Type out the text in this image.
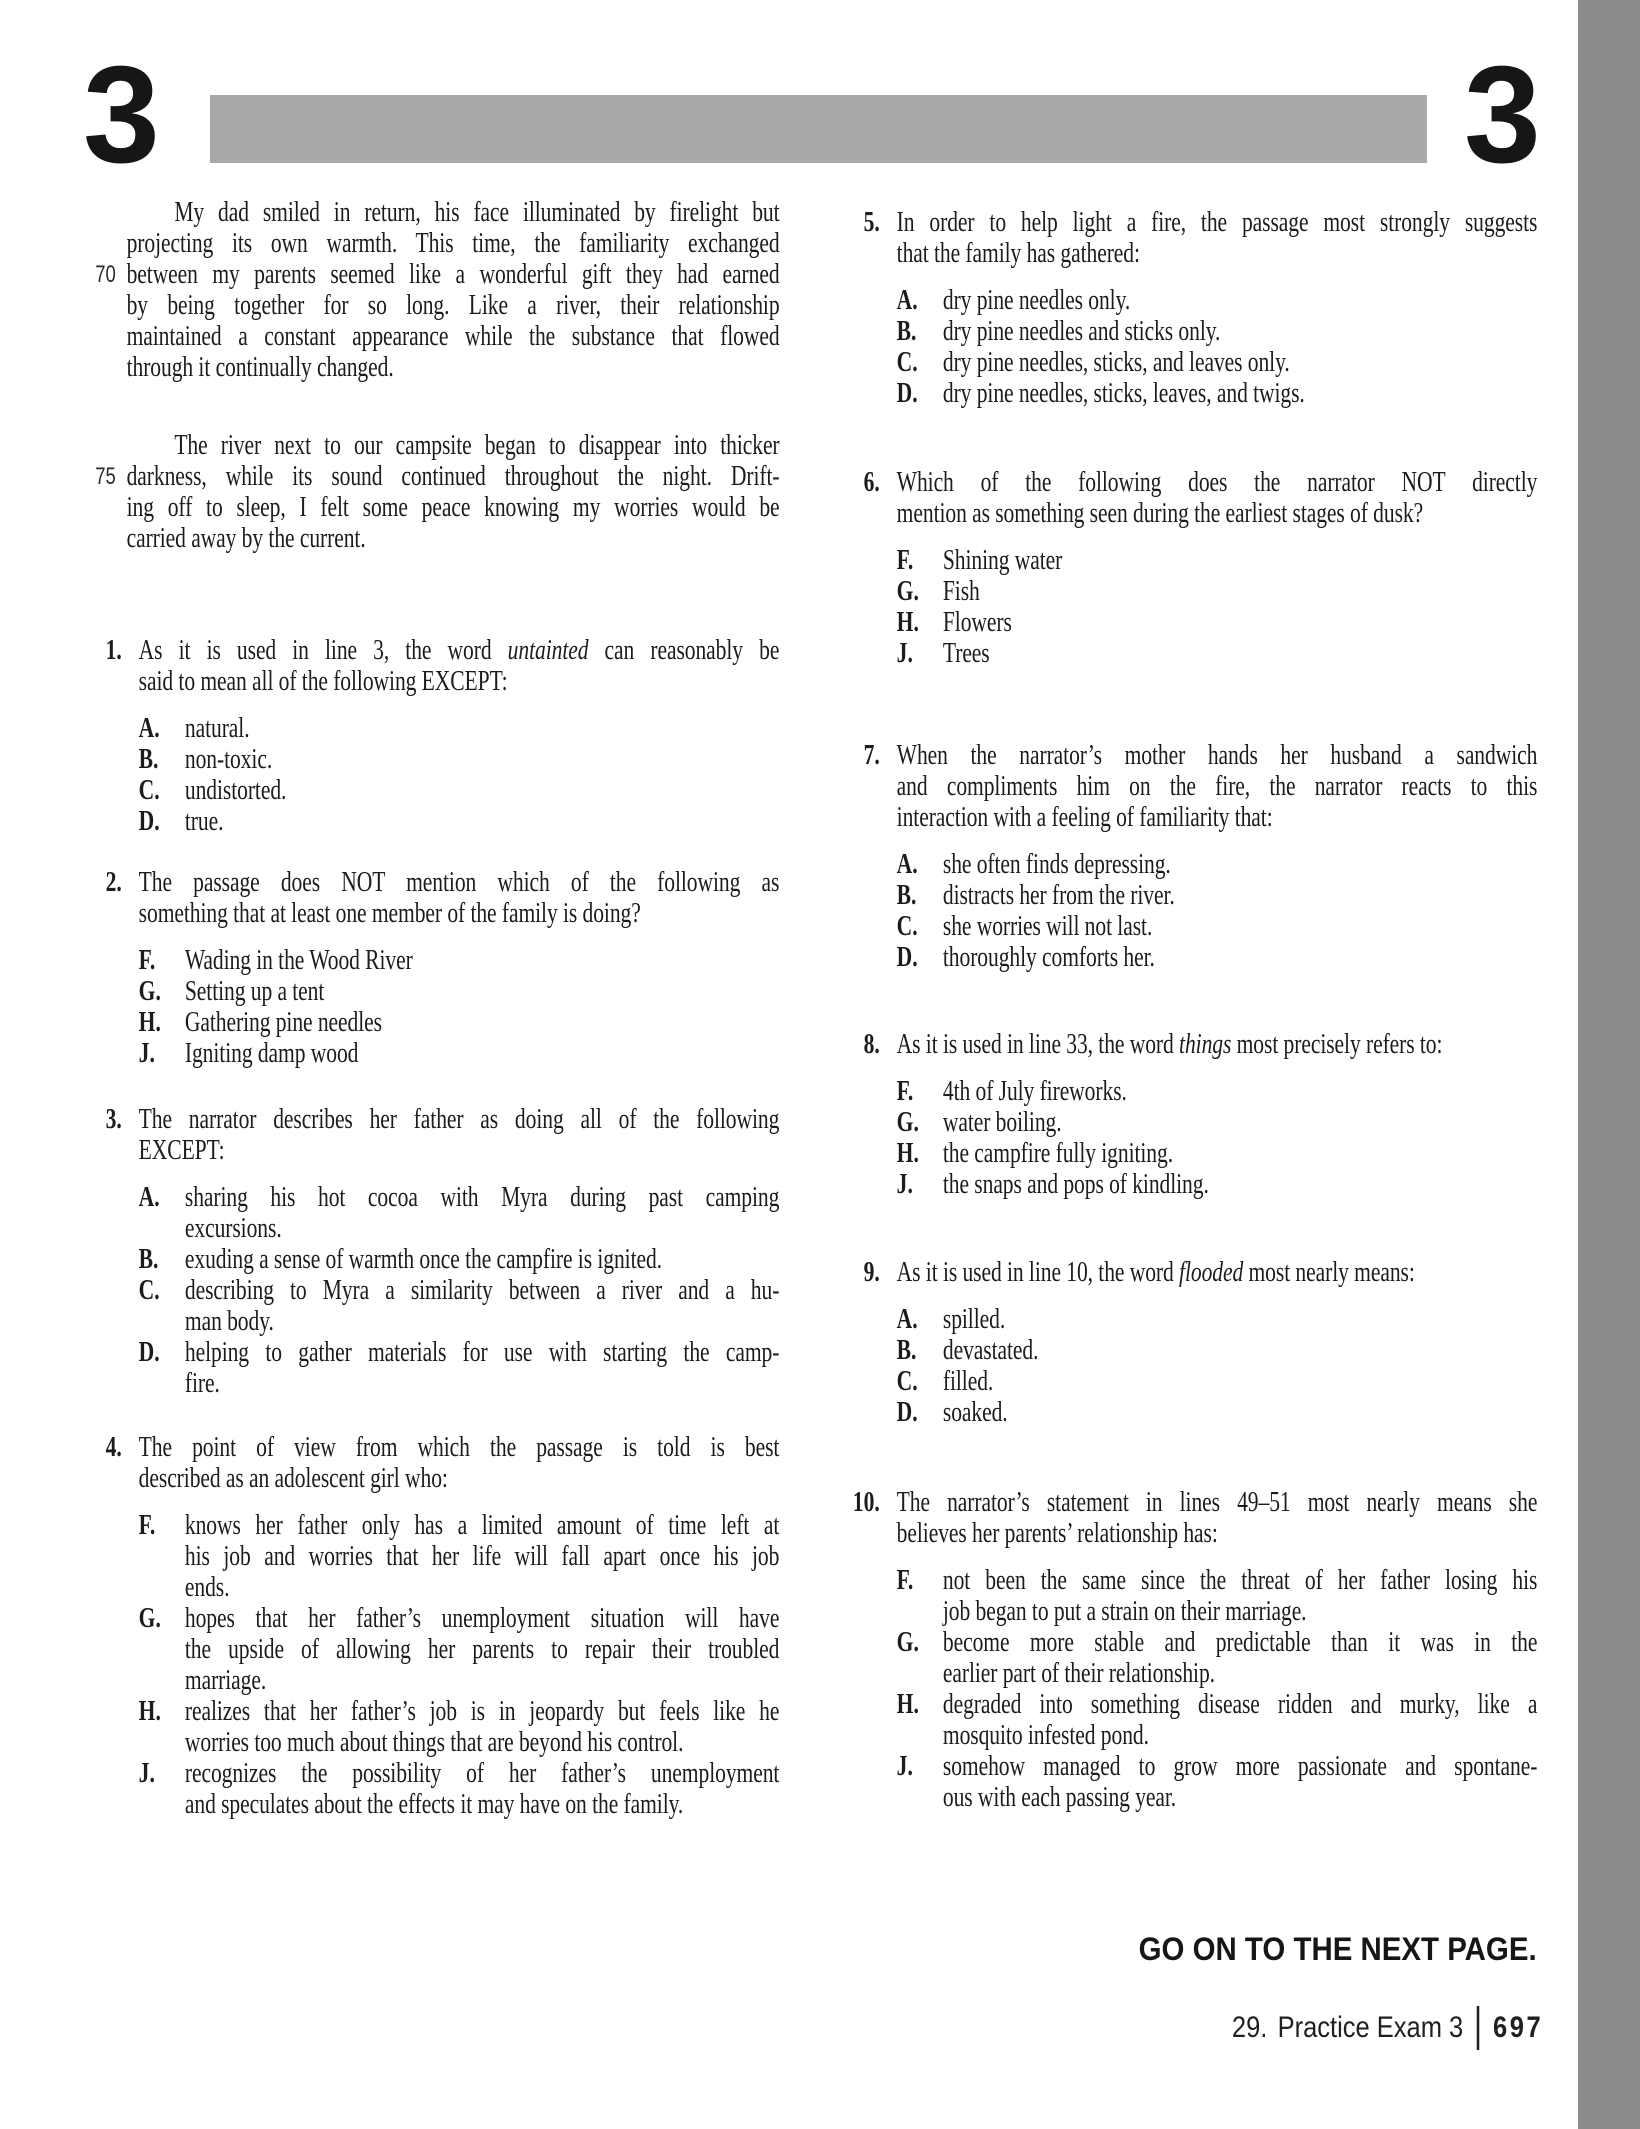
3	3
My dad smiled in return, his face illuminated by firelight but
projecting its own warmth. This time, the familiarity exchanged
70 between my parents seemed like a wonderful gift they had earned
by being together for so long. Like a river, their relationship
maintained a constant appearance while the substance that flowed
through it continually changed.
The river next to our campsite began to disappear into thicker
75 darkness, while its sound continued throughout the night. Drift-
ing off to sleep, I felt some peace knowing my worries would be
carried away by the current.
1. As it is used in line 3, the word untainted can reasonably be
said to mean all of the following EXCEPT:
A. natural.
B. non-toxic.
C. undistorted.
D. true.
2. The passage does NOT mention which of the following as
something that at least one member of the family is doing?
F.	Wading in the Wood River
G. Setting up a tent
H. Gathering pine needles
J.	Igniting damp wood
3. The narrator describes her father as doing all of the following
EXCEPT:
A. sharing his hot cocoa with Myra during past camping
excursions.
B. exuding a sense of warmth once the campfire is ignited.
C. describing to Myra a similarity between a river and a hu-
man body.
D. helping to gather materials for use with starting the camp-
fire.
4. The point of view from which the passage is told is best
described as an adolescent girl who:
F.	knows her father only has a limited amount of time left at
his job and worries that her life will fall apart once his job
ends.
G. hopes that her father’s unemployment situation will have
the upside of allowing her parents to repair their troubled
marriage.
H. realizes that her father’s job is in jeopardy but feels like he
worries too much about things that are beyond his control.
J.	recognizes the possibility of her father’s unemployment
and speculates about the effects it may have on the family.
5. In order to help light a fire, the passage most strongly suggests
that the family has gathered:
A. dry pine needles only.
B. dry pine needles and sticks only.
C. dry pine needles, sticks, and leaves only.
D. dry pine needles, sticks, leaves, and twigs.
6. Which of the following does the narrator NOT directly
mention as something seen during the earliest stages of dusk?
F.	Shining water
G. Fish
H. Flowers
J.	Trees
7. When the narrator’s mother hands her husband a sandwich
and compliments him on the fire, the narrator reacts to this
interaction with a feeling of familiarity that:
A. she often finds depressing.
B. distracts her from the river.
C. she worries will not last.
D. thoroughly comforts her.
8. As it is used in line 33, the word things most precisely refers to:
F.	4th of July fireworks.
G. water boiling.
H. the campfire fully igniting.
J.	the snaps and pops of kindling.
9. As it is used in line 10, the word flooded most nearly means:
A. spilled.
B. devastated.
C. filled.
D. soaked.
10. The narrator’s statement in lines 49–51 most nearly means she
believes her parents’ relationship has:
F.	not been the same since the threat of her father losing his
job began to put a strain on their marriage.
G. become more stable and predictable than it was in the
earlier part of their relationship.
H. degraded into something disease ridden and murky, like a
mosquito infested pond.
J.	somehow managed to grow more passionate and spontane-
ous with each passing year.
GO ON TO THE NEXT PAGE.
29. Practice Exam 3 697
